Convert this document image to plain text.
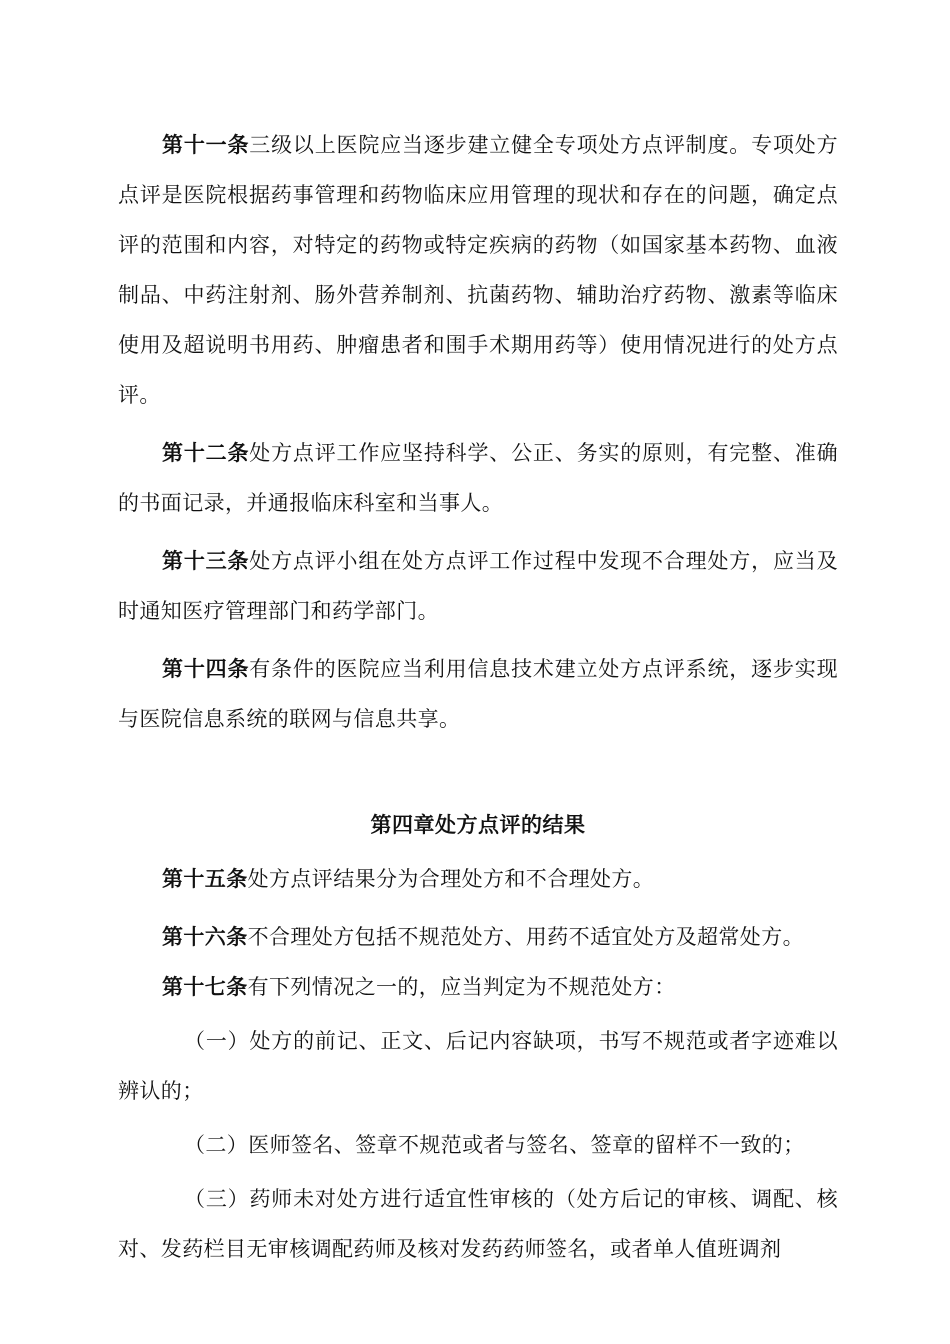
第十一条三级以上医院应当逐步建立健全专项处方点评制度。专项处方点评是医院根据药事管理和药物临床应用管理的现状和存在的问题，确定点评的范围和内容，对特定的药物或特定疾病的药物（如国家基本药物、血液制品、中药注射剂、肠外营养制剂、抗菌药物、辅助治疗药物、激素等临床使用及超说明书用药、肿瘤患者和围手术期用药等）使用情况进行的处方点评。

第十二条处方点评工作应坚持科学、公正、务实的原则，有完整、准确的书面记录，并通报临床科室和当事人。

第十三条处方点评小组在处方点评工作过程中发现不合理处方，应当及时通知医疗管理部门和药学部门。

第十四条有条件的医院应当利用信息技术建立处方点评系统，逐步实现与医院信息系统的联网与信息共享。

第四章处方点评的结果

第十五条处方点评结果分为合理处方和不合理处方。

第十六条不合理处方包括不规范处方、用药不适宜处方及超常处方。

第十七条有下列情况之一的，应当判定为不规范处方：

（一）处方的前记、正文、后记内容缺项，书写不规范或者字迹难以辨认的；

（二）医师签名、签章不规范或者与签名、签章的留样不一致的；

（三）药师未对处方进行适宜性审核的（处方后记的审核、调配、核对、发药栏目无审核调配药师及核对发药药师签名，或者单人值班调剂
